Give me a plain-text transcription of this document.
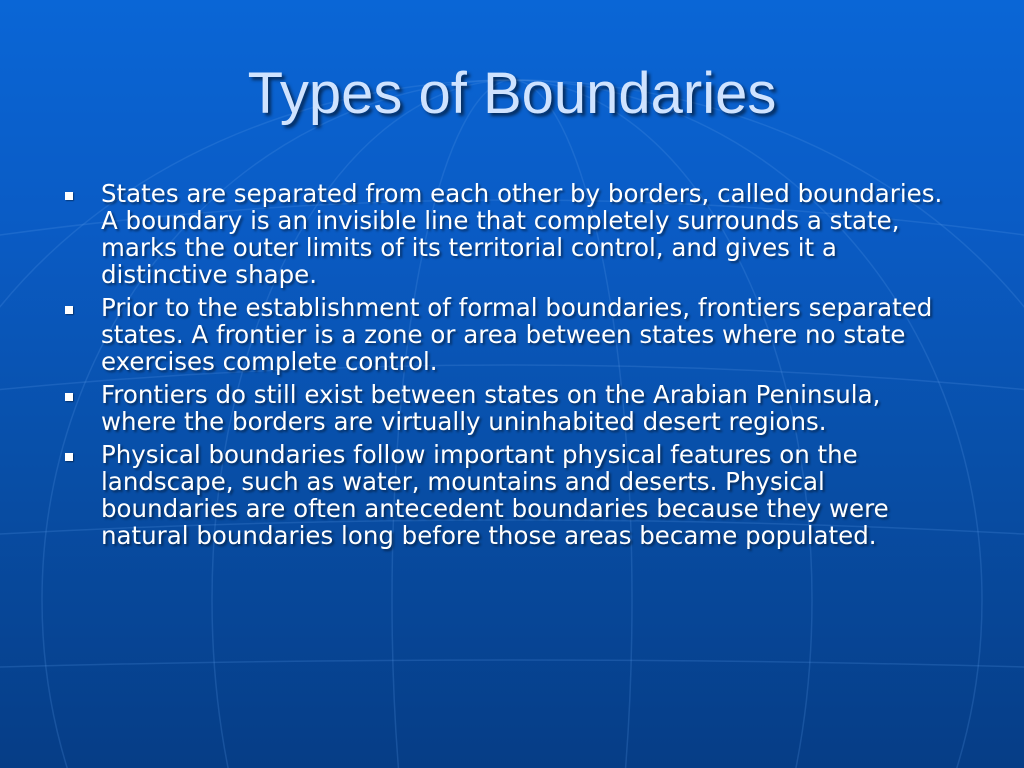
Types of Boundaries
States are separated from each other by borders, called boundaries. A boundary is an invisible line that completely surrounds a state, marks the outer limits of its territorial control, and gives it a distinctive shape.
Prior to the establishment of formal boundaries, frontiers separated states. A frontier is a zone or area between states where no state exercises complete control.
Frontiers do still exist between states on the Arabian Peninsula, where the borders are virtually uninhabited desert regions.
Physical boundaries follow important physical features on the landscape, such as water, mountains and deserts. Physical boundaries are often antecedent boundaries because they were natural boundaries long before those areas became populated.
